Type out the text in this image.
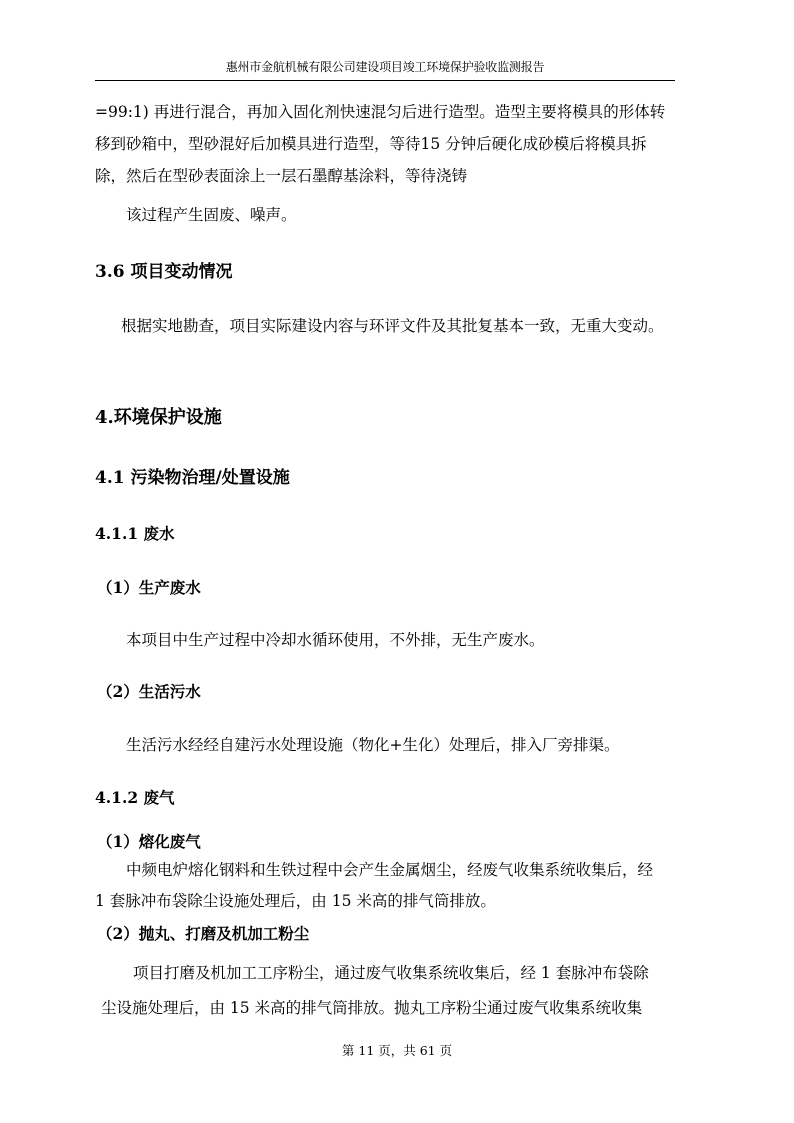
惠州市金航机械有限公司建设项目竣工环境保护验收监测报告
=99:1) 再进行混合，再加入固化剂快速混匀后进行造型。造型主要将模具的形体转
移到砂箱中，型砂混好后加模具进行造型，等待15 分钟后硬化成砂模后将模具拆
除，然后在型砂表面涂上一层石墨醇基涂料，等待浇铸
该过程产生固废、噪声。
3.6 项目变动情况
根据实地勘查，项目实际建设内容与环评文件及其批复基本一致，无重大变动。
4.环境保护设施
4.1 污染物治理/处置设施
4.1.1 废水
（1）生产废水
本项目中生产过程中冷却水循环使用，不外排，无生产废水。
（2）生活污水
生活污水经经自建污水处理设施（物化+生化）处理后，排入厂旁排渠。
4.1.2 废气
（1）熔化废气
中频电炉熔化钢料和生铁过程中会产生金属烟尘，经废气收集系统收集后，经
1 套脉冲布袋除尘设施处理后，由 15 米高的排气筒排放。
（2）抛丸、打磨及机加工粉尘
项目打磨及机加工工序粉尘，通过废气收集系统收集后，经 1 套脉冲布袋除
尘设施处理后，由 15 米高的排气筒排放。抛丸工序粉尘通过废气收集系统收集
第 11 页，共 61 页
